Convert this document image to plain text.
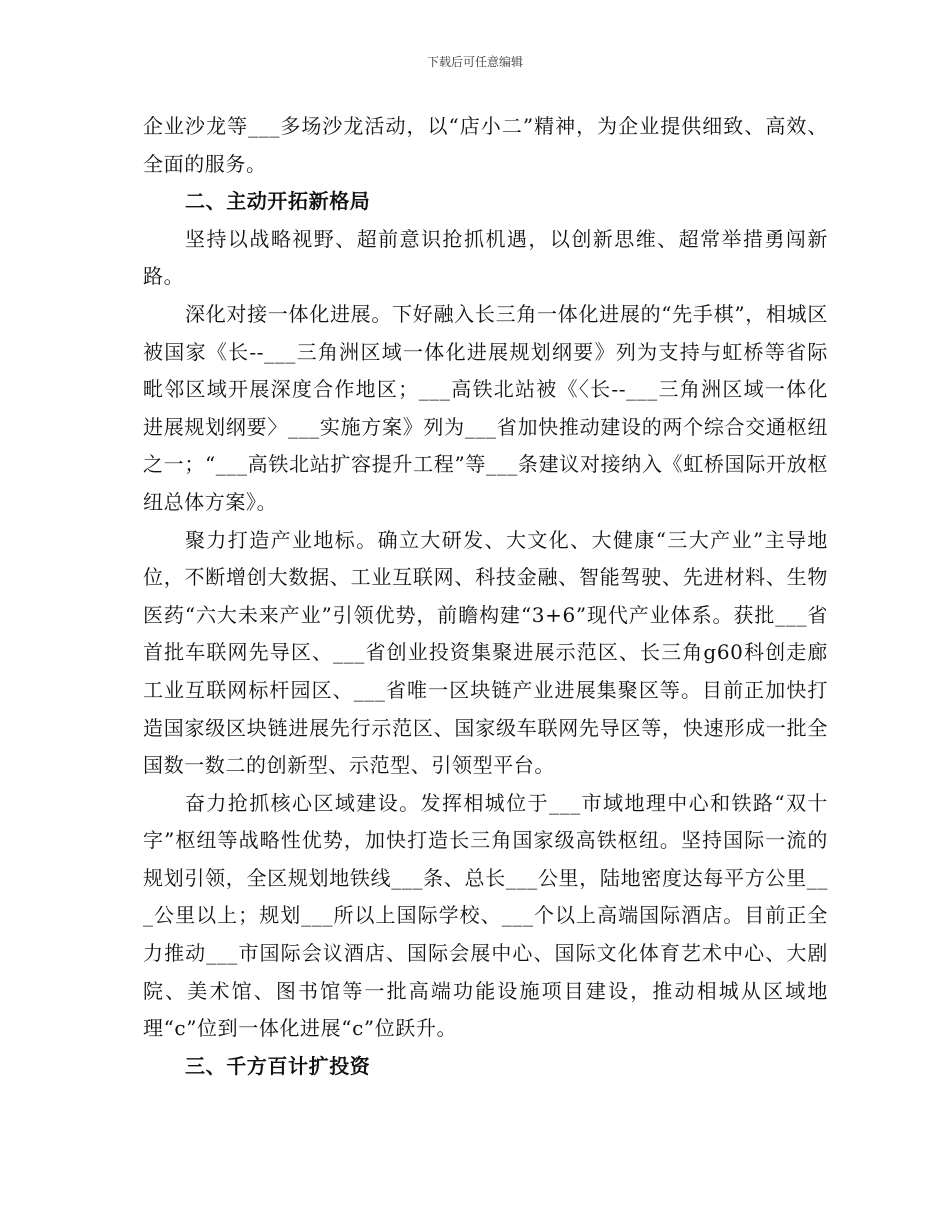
下载后可任意编辑

企业沙龙等___多场沙龙活动，以“店小二”精神，为企业提供细致、高效、全面的服务。

二、主动开拓新格局

坚持以战略视野、超前意识抢抓机遇，以创新思维、超常举措勇闯新路。

深化对接一体化进展。下好融入长三角一体化进展的“先手棋”，相城区被国家《长--___三角洲区域一体化进展规划纲要》列为支持与虹桥等省际毗邻区域开展深度合作地区；___高铁北站被《〈长--___三角洲区域一体化进展规划纲要〉___实施方案》列为___省加快推动建设的两个综合交通枢纽之一；“___高铁北站扩容提升工程”等___条建议对接纳入《虹桥国际开放枢纽总体方案》。

聚力打造产业地标。确立大研发、大文化、大健康“三大产业”主导地位，不断增创大数据、工业互联网、科技金融、智能驾驶、先进材料、生物医药“六大未来产业”引领优势，前瞻构建“3+6”现代产业体系。获批___省首批车联网先导区、___省创业投资集聚进展示范区、长三角g60科创走廊工业互联网标杆园区、___省唯一区块链产业进展集聚区等。目前正加快打造国家级区块链进展先行示范区、国家级车联网先导区等，快速形成一批全国数一数二的创新型、示范型、引领型平台。

奋力抢抓核心区域建设。发挥相城位于___市域地理中心和铁路“双十字”枢纽等战略性优势，加快打造长三角国家级高铁枢纽。坚持国际一流的规划引领，全区规划地铁线___条、总长___公里，陆地密度达每平方公里___公里以上；规划___所以上国际学校、___个以上高端国际酒店。目前正全力推动___市国际会议酒店、国际会展中心、国际文化体育艺术中心、大剧院、美术馆、图书馆等一批高端功能设施项目建设，推动相城从区域地理“c”位到一体化进展“c”位跃升。

三、千方百计扩投资
